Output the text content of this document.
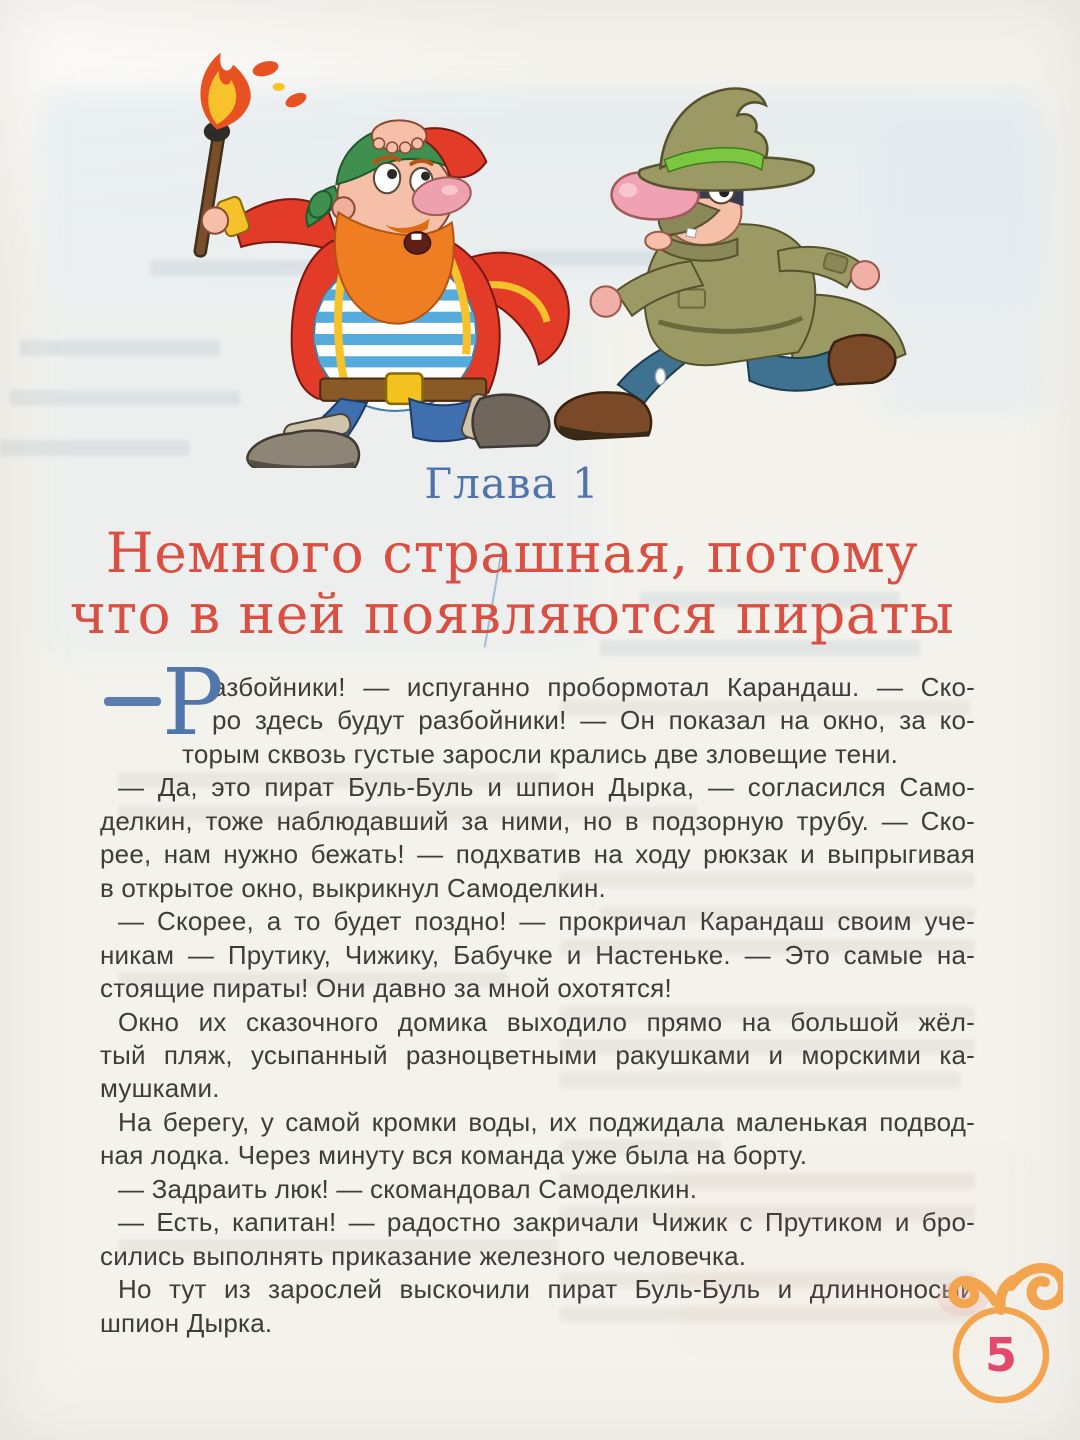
Глава 1
Немного страшная, потому
что в ней появляются пираты
Р
азбойники! — испуганно пробормотал Карандаш. — Ско-
ро здесь будут разбойники! — Он показал на окно, за ко-
торым сквозь густые заросли крались две зловещие тени.
— Да, это пират Буль-Буль и шпион Дырка, — согласился Само-
делкин, тоже наблюдавший за ними, но в подзорную трубу. — Ско-
рее, нам нужно бежать! — подхватив на ходу рюкзак и выпрыгивая
в открытое окно, выкрикнул Самоделкин.
— Скорее, а то будет поздно! — прокричал Карандаш своим уче-
никам — Прутику, Чижику, Бабучке и Настеньке. — Это самые на-
стоящие пираты! Они давно за мной охотятся!
Окно их сказочного домика выходило прямо на большой жёл-
тый пляж, усыпанный разноцветными ракушками и морскими ка-
мушками.
На берегу, у самой кромки воды, их поджидала маленькая подвод-
ная лодка. Через минуту вся команда уже была на борту.
— Задраить люк! — скомандовал Самоделкин.
— Есть, капитан! — радостно закричали Чижик с Прутиком и бро-
сились выполнять приказание железного человечка.
Но тут из зарослей выскочили пират Буль-Буль и длинноносый
шпион Дырка.
5
